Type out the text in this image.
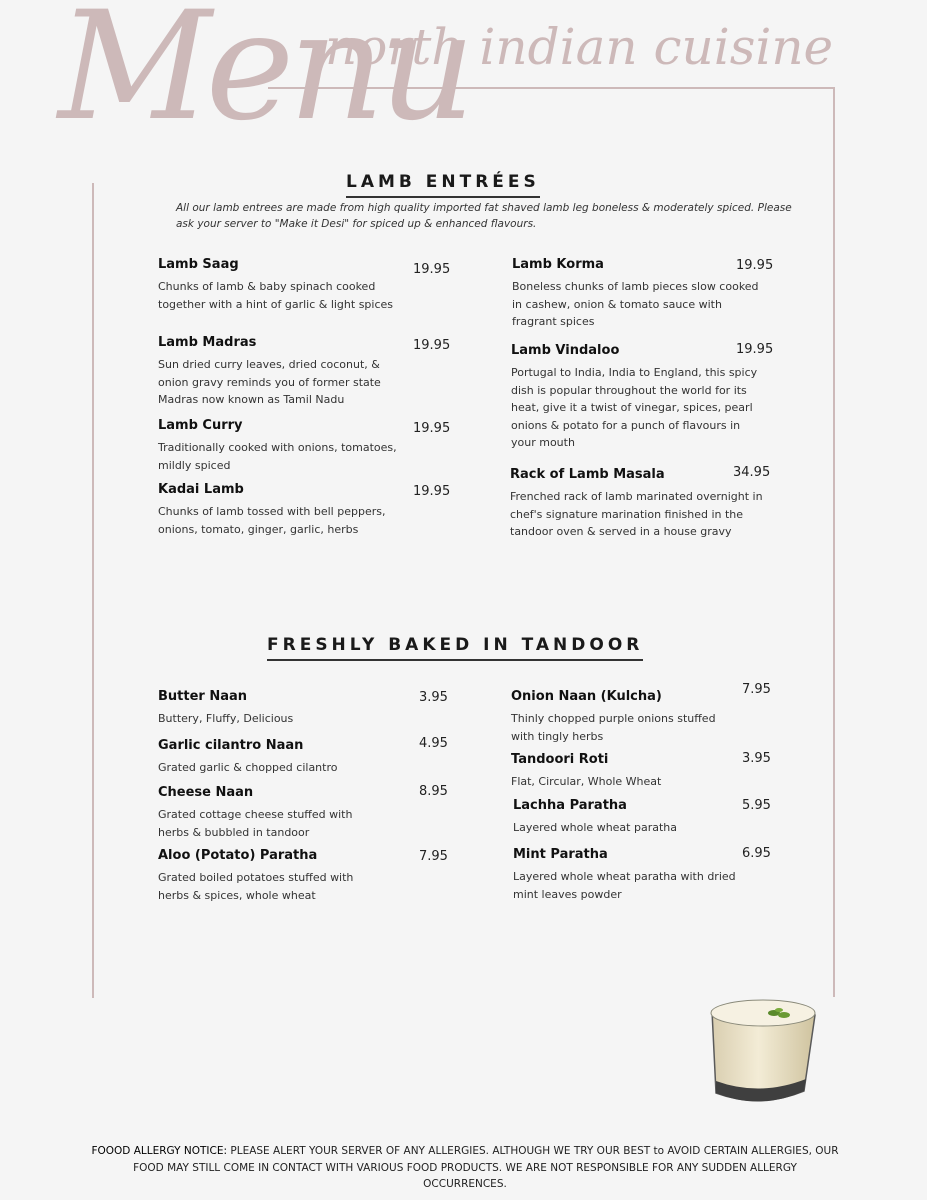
north indian cuisine
Menu
LAMB ENTRÉES
All our lamb entrees are made from high quality imported fat shaved lamb leg boneless & moderately spiced. Please ask your server to "Make it Desi" for spiced up & enhanced flavours.
Lamb Saag
Chunks of lamb & baby spinach cooked together with a hint of garlic & light spices
19.95
Lamb Madras
Sun dried curry leaves, dried coconut, & onion gravy reminds you of former state Madras now known as Tamil Nadu
19.95
Lamb Curry
Traditionally cooked with onions, tomatoes, mildly spiced
19.95
Kadai Lamb
Chunks of lamb tossed with bell peppers, onions, tomato, ginger, garlic, herbs
19.95
Lamb Korma
Boneless chunks of lamb pieces slow cooked in cashew, onion & tomato sauce with fragrant spices
19.95
Lamb Vindaloo
Portugal to India, India to England, this spicy dish is popular throughout the world for its heat, give it a twist of vinegar, spices, pearl onions & potato for a punch of flavours in your mouth
19.95
Rack of Lamb Masala
Frenched rack of lamb marinated overnight in chef's signature marination finished in the tandoor oven & served in a house gravy
34.95
FRESHLY BAKED IN TANDOOR
Butter Naan
Buttery, Fluffy, Delicious
3.95
Garlic cilantro Naan
Grated garlic & chopped cilantro
4.95
Cheese Naan
Grated cottage cheese stuffed with herbs & bubbled in tandoor
8.95
Aloo (Potato) Paratha
Grated boiled potatoes stuffed with herbs & spices, whole wheat
7.95
Onion Naan (Kulcha)
Thinly chopped purple onions stuffed with tingly herbs
7.95
Tandoori Roti
Flat, Circular, Whole Wheat
3.95
Lachha Paratha
Layered whole wheat paratha
5.95
Mint Paratha
Layered whole wheat paratha with dried mint leaves powder
6.95
FOOOD ALLERGY NOTICE: PLEASE ALERT YOUR SERVER OF ANY ALLERGIES. ALTHOUGH WE TRY OUR BEST to AVOID CERTAIN ALLERGIES, OUR FOOD MAY STILL COME IN CONTACT WITH VARIOUS FOOD PRODUCTS. WE ARE NOT RESPONSIBLE FOR ANY SUDDEN ALLERGY OCCURRENCES.
